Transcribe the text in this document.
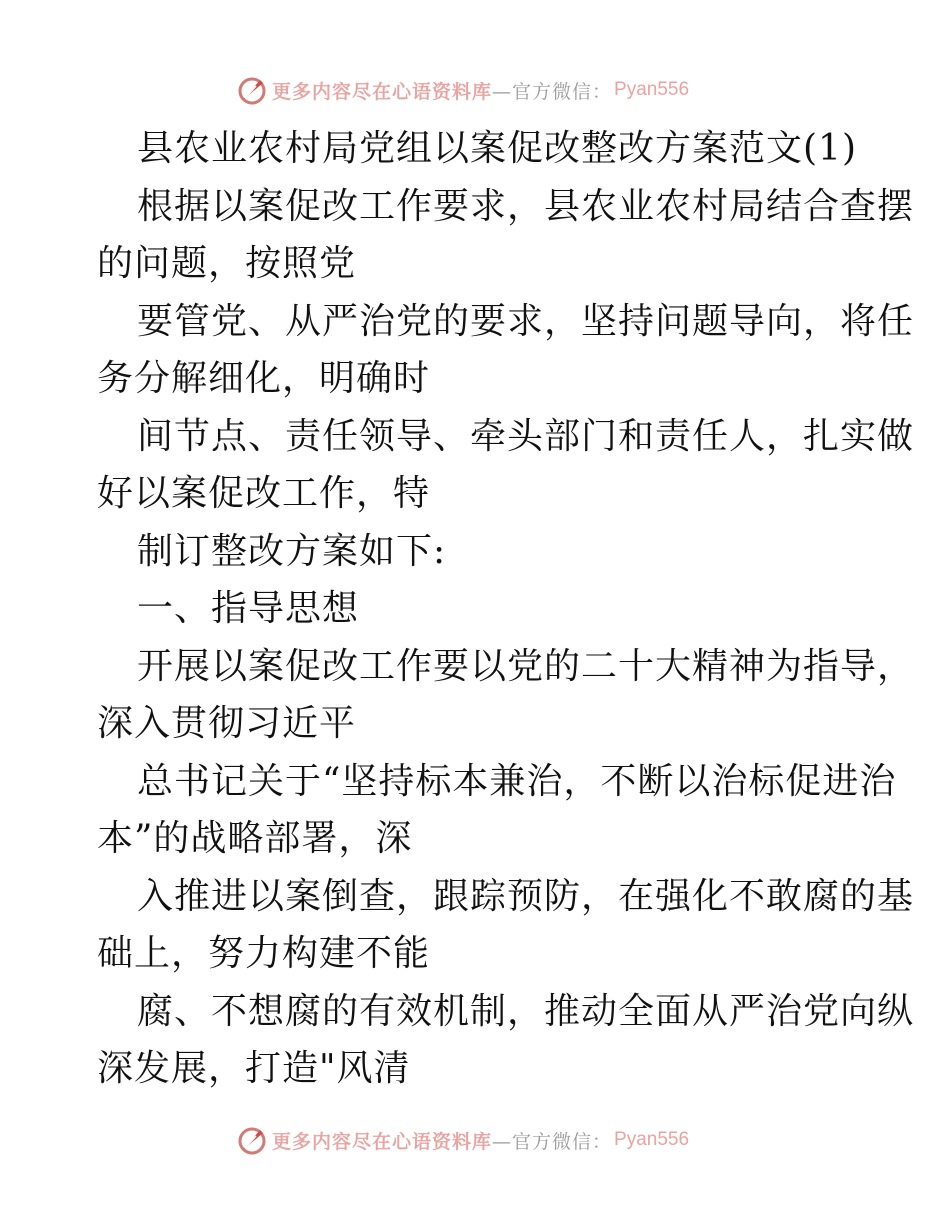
更多内容尽在心语资料库 —官方微信： Pyan556
县农业农村局党组以案促改整改方案范文(1)
根据以案促改工作要求，县农业农村局结合查摆
的问题，按照党
要管党、从严治党的要求，坚持问题导向，将任
务分解细化，明确时
间节点、责任领导、牵头部门和责任人，扎实做
好以案促改工作，特
制订整改方案如下:
一、指导思想
开展以案促改工作要以党的二十大精神为指导，
深入贯彻习近平
总书记关于“坚持标本兼治，不断以治标促进治
本”的战略部署，深
入推进以案倒查，跟踪预防，在强化不敢腐的基
础上，努力构建不能
腐、不想腐的有效机制，推动全面从严治党向纵
深发展，打造"风清
更多内容尽在心语资料库 —官方微信： Pyan556
